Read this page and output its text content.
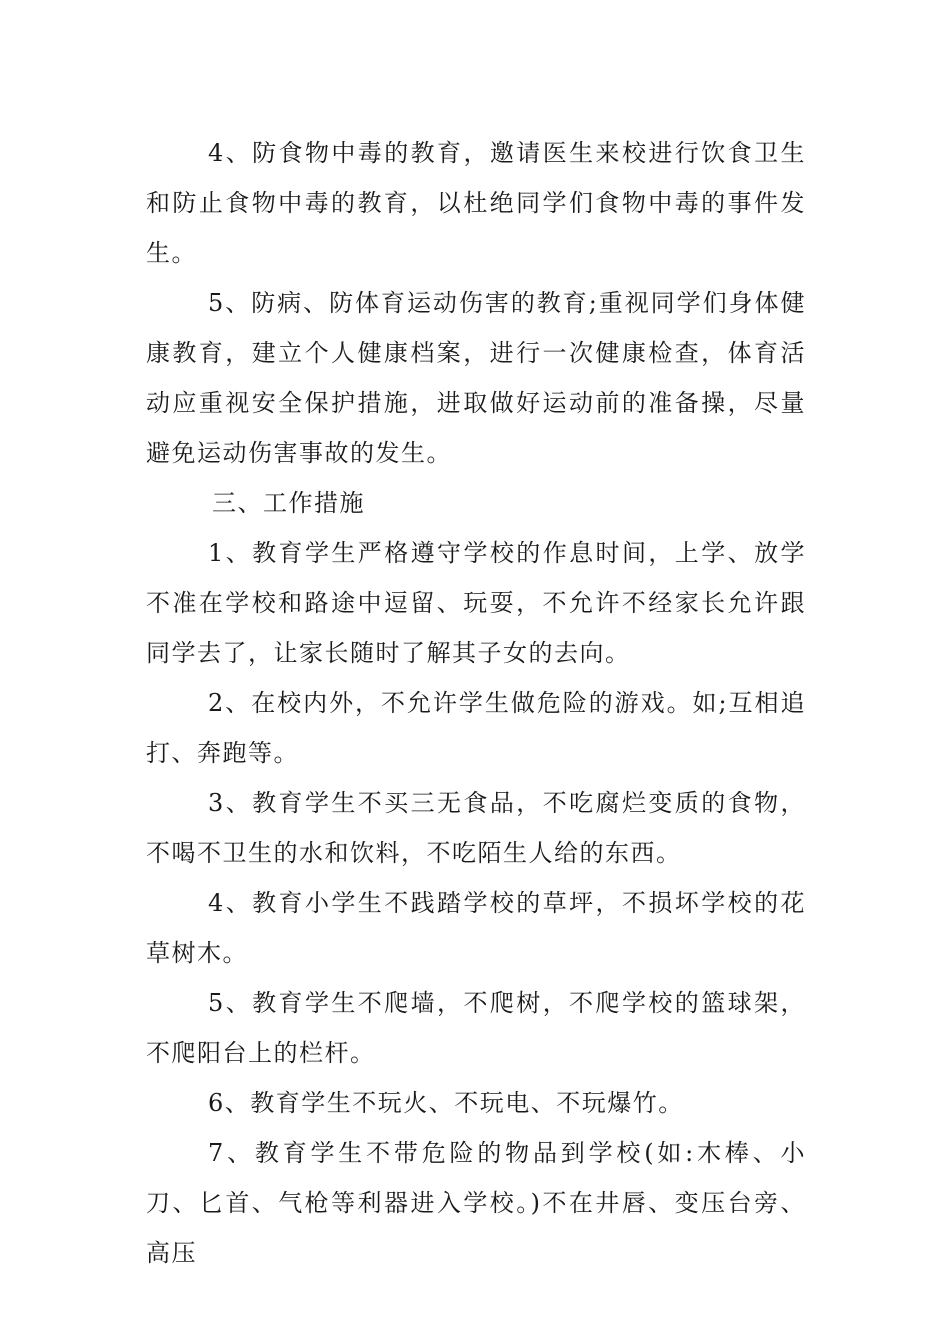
4、防食物中毒的教育，邀请医生来校进行饮食卫生和防止食物中毒的教育，以杜绝同学们食物中毒的事件发生。

5、防病、防体育运动伤害的教育;重视同学们身体健康教育，建立个人健康档案，进行一次健康检查，体育活动应重视安全保护措施，进取做好运动前的准备操，尽量避免运动伤害事故的发生。

三、工作措施

1、教育学生严格遵守学校的作息时间，上学、放学不准在学校和路途中逗留、玩耍，不允许不经家长允许跟同学去了，让家长随时了解其子女的去向。

2、在校内外，不允许学生做危险的游戏。如;互相追打、奔跑等。

3、教育学生不买三无食品，不吃腐烂变质的食物，不喝不卫生的水和饮料，不吃陌生人给的东西。

4、教育小学生不践踏学校的草坪，不损坏学校的花草树木。

5、教育学生不爬墙，不爬树，不爬学校的篮球架，不爬阳台上的栏杆。

6、教育学生不玩火、不玩电、不玩爆竹。

7、教育学生不带危险的物品到学校(如:木棒、小刀、匕首、气枪等利器进入学校。)不在井唇、变压台旁、高压
